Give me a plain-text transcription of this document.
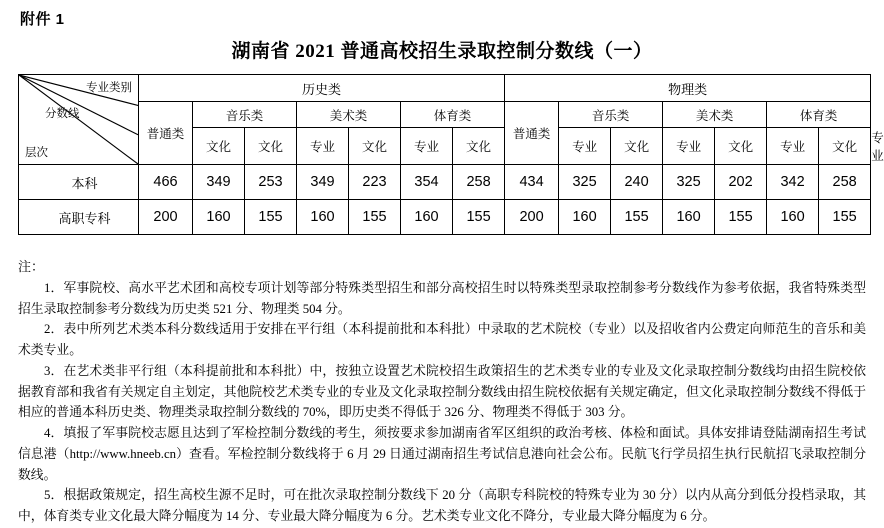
附件 1
湖南省 2021 普通高校招生录取控制分数线（一）
专业类别
分数线
层次	历史类							物理类							
	普通类	音乐类		美术类		体育类		普通类	音乐类		美术类		体育类		
		文化	文化	专业	文化	专业	文化		专业	文化	专业	文化	专业	文化	专业
本科	466	349	253	349	223	354	258	434	325	240	325	202	342	258	
高职专科	200	160	155	160	155	160	155	200	160	155	160	155	160	155	
注：

1．军事院校、高水平艺术团和高校专项计划等部分特殊类型招生和部分高校招生时以特殊类型录取控制参考分数线作为参考依据，我省特殊类型招生录取控制参考分数线为历史类 521 分、物理类 504 分。

2．表中所列艺术类本科分数线适用于安排在平行组（本科提前批和本科批）中录取的艺术院校（专业）以及招收省内公费定向师范生的音乐和美术类专业。

3．在艺术类非平行组（本科提前批和本科批）中，按独立设置艺术院校招生政策招生的艺术类专业的专业及文化录取控制分数线均由招生院校依据教育部和我省有关规定自主划定，其他院校艺术类专业的专业及文化录取控制分数线由招生院校依据有关规定确定，但文化录取控制分数线不得低于相应的普通本科历史类、物理类录取控制分数线的 70%，即历史类不得低于 326 分、物理类不得低于 303 分。

4．填报了军事院校志愿且达到了军检控制分数线的考生，须按要求参加湖南省军区组织的政治考核、体检和面试。具体安排请登陆湖南招生考试信息港（http://www.hneeb.cn）查看。军检控制分数线将于 6 月 29 日通过湖南招生考试信息港向社会公布。民航飞行学员招生执行民航招飞录取控制分数线。

5．根据政策规定，招生高校生源不足时，可在批次录取控制分数线下 20 分（高职专科院校的特殊专业为 30 分）以内从高分到低分投档录取，其中，体育类专业文化最大降分幅度为 14 分、专业最大降分幅度为 6 分。艺术类专业文化不降分，专业最大降分幅度为 6 分。
